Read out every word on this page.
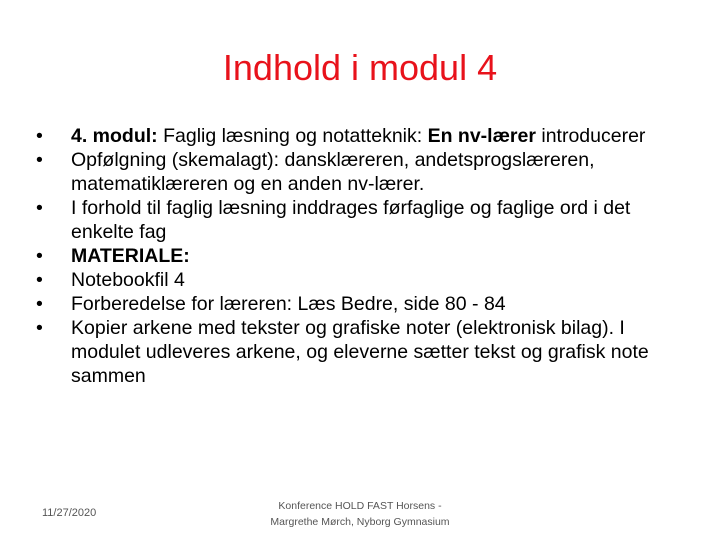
Indhold i modul 4
•	4. modul: Faglig læsning og notatteknik: En nv-lærer introducerer
•	Opfølgning (skemalagt): dansklæreren, andetsprogslæreren, matematiklæreren og en anden nv-lærer.
•	I forhold til faglig læsning inddrages førfaglige og faglige ord i det enkelte fag
•	MATERIALE:
•	Notebookfil 4
•	Forberedelse for læreren: Læs Bedre, side 80 - 84
•	Kopier arkene med tekster og grafiske noter (elektronisk bilag). I modulet udleveres arkene, og eleverne sætter tekst og grafisk note sammen
11/27/2020
Konference HOLD FAST Horsens -
Margrethe Mørch, Nyborg Gymnasium
